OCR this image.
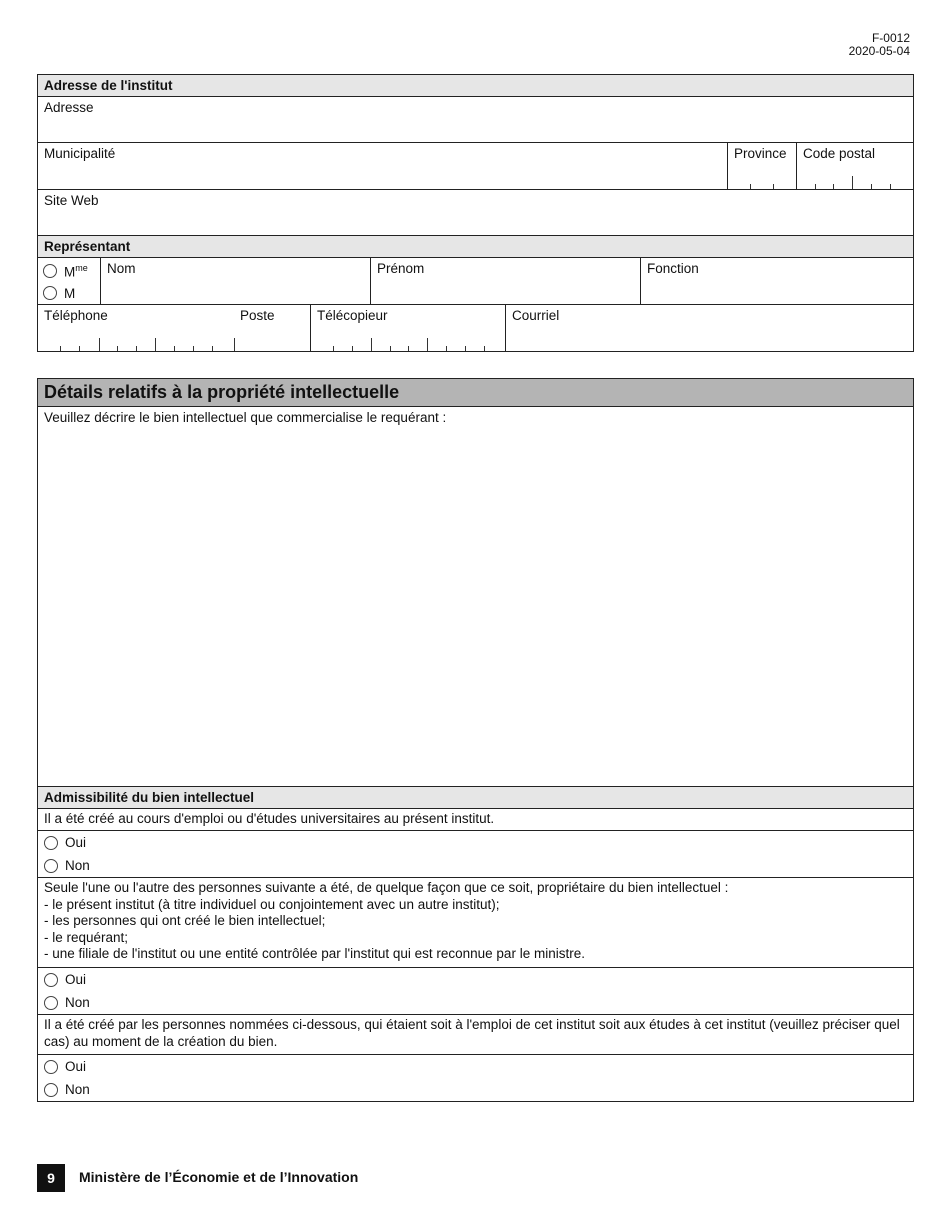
F-0012
2020-05-04
Adresse de l'institut
Adresse
Municipalité	Province	Code postal
Site Web
Représentant
$M^{me}$
M
Nom	Prénom	Fonction
Téléphone	Poste	Télécopieur	Courriel
Détails relatifs à la propriété intellectuelle
Veuillez décrire le bien intellectuel que commercialise le requérant :
Admissibilité du bien intellectuel
Il a été créé au cours d'emploi ou d'études universitaires au présent institut.
Oui
Non
Seule l'une ou l'autre des personnes suivante a été, de quelque façon que ce soit, propriétaire du bien intellectuel :
- le présent institut (à titre individuel ou conjointement avec un autre institut);
- les personnes qui ont créé le bien intellectuel;
- le requérant;
- une filiale de l'institut ou une entité contrôlée par l'institut qui est reconnue par le ministre.
Oui
Non
Il a été créé par les personnes nommées ci-dessous, qui étaient soit à l'emploi de cet institut soit aux études à cet institut (veuillez préciser quel cas) au moment de la création du bien.
Oui
Non
9	Ministère de l’Économie et de l’Innovation
